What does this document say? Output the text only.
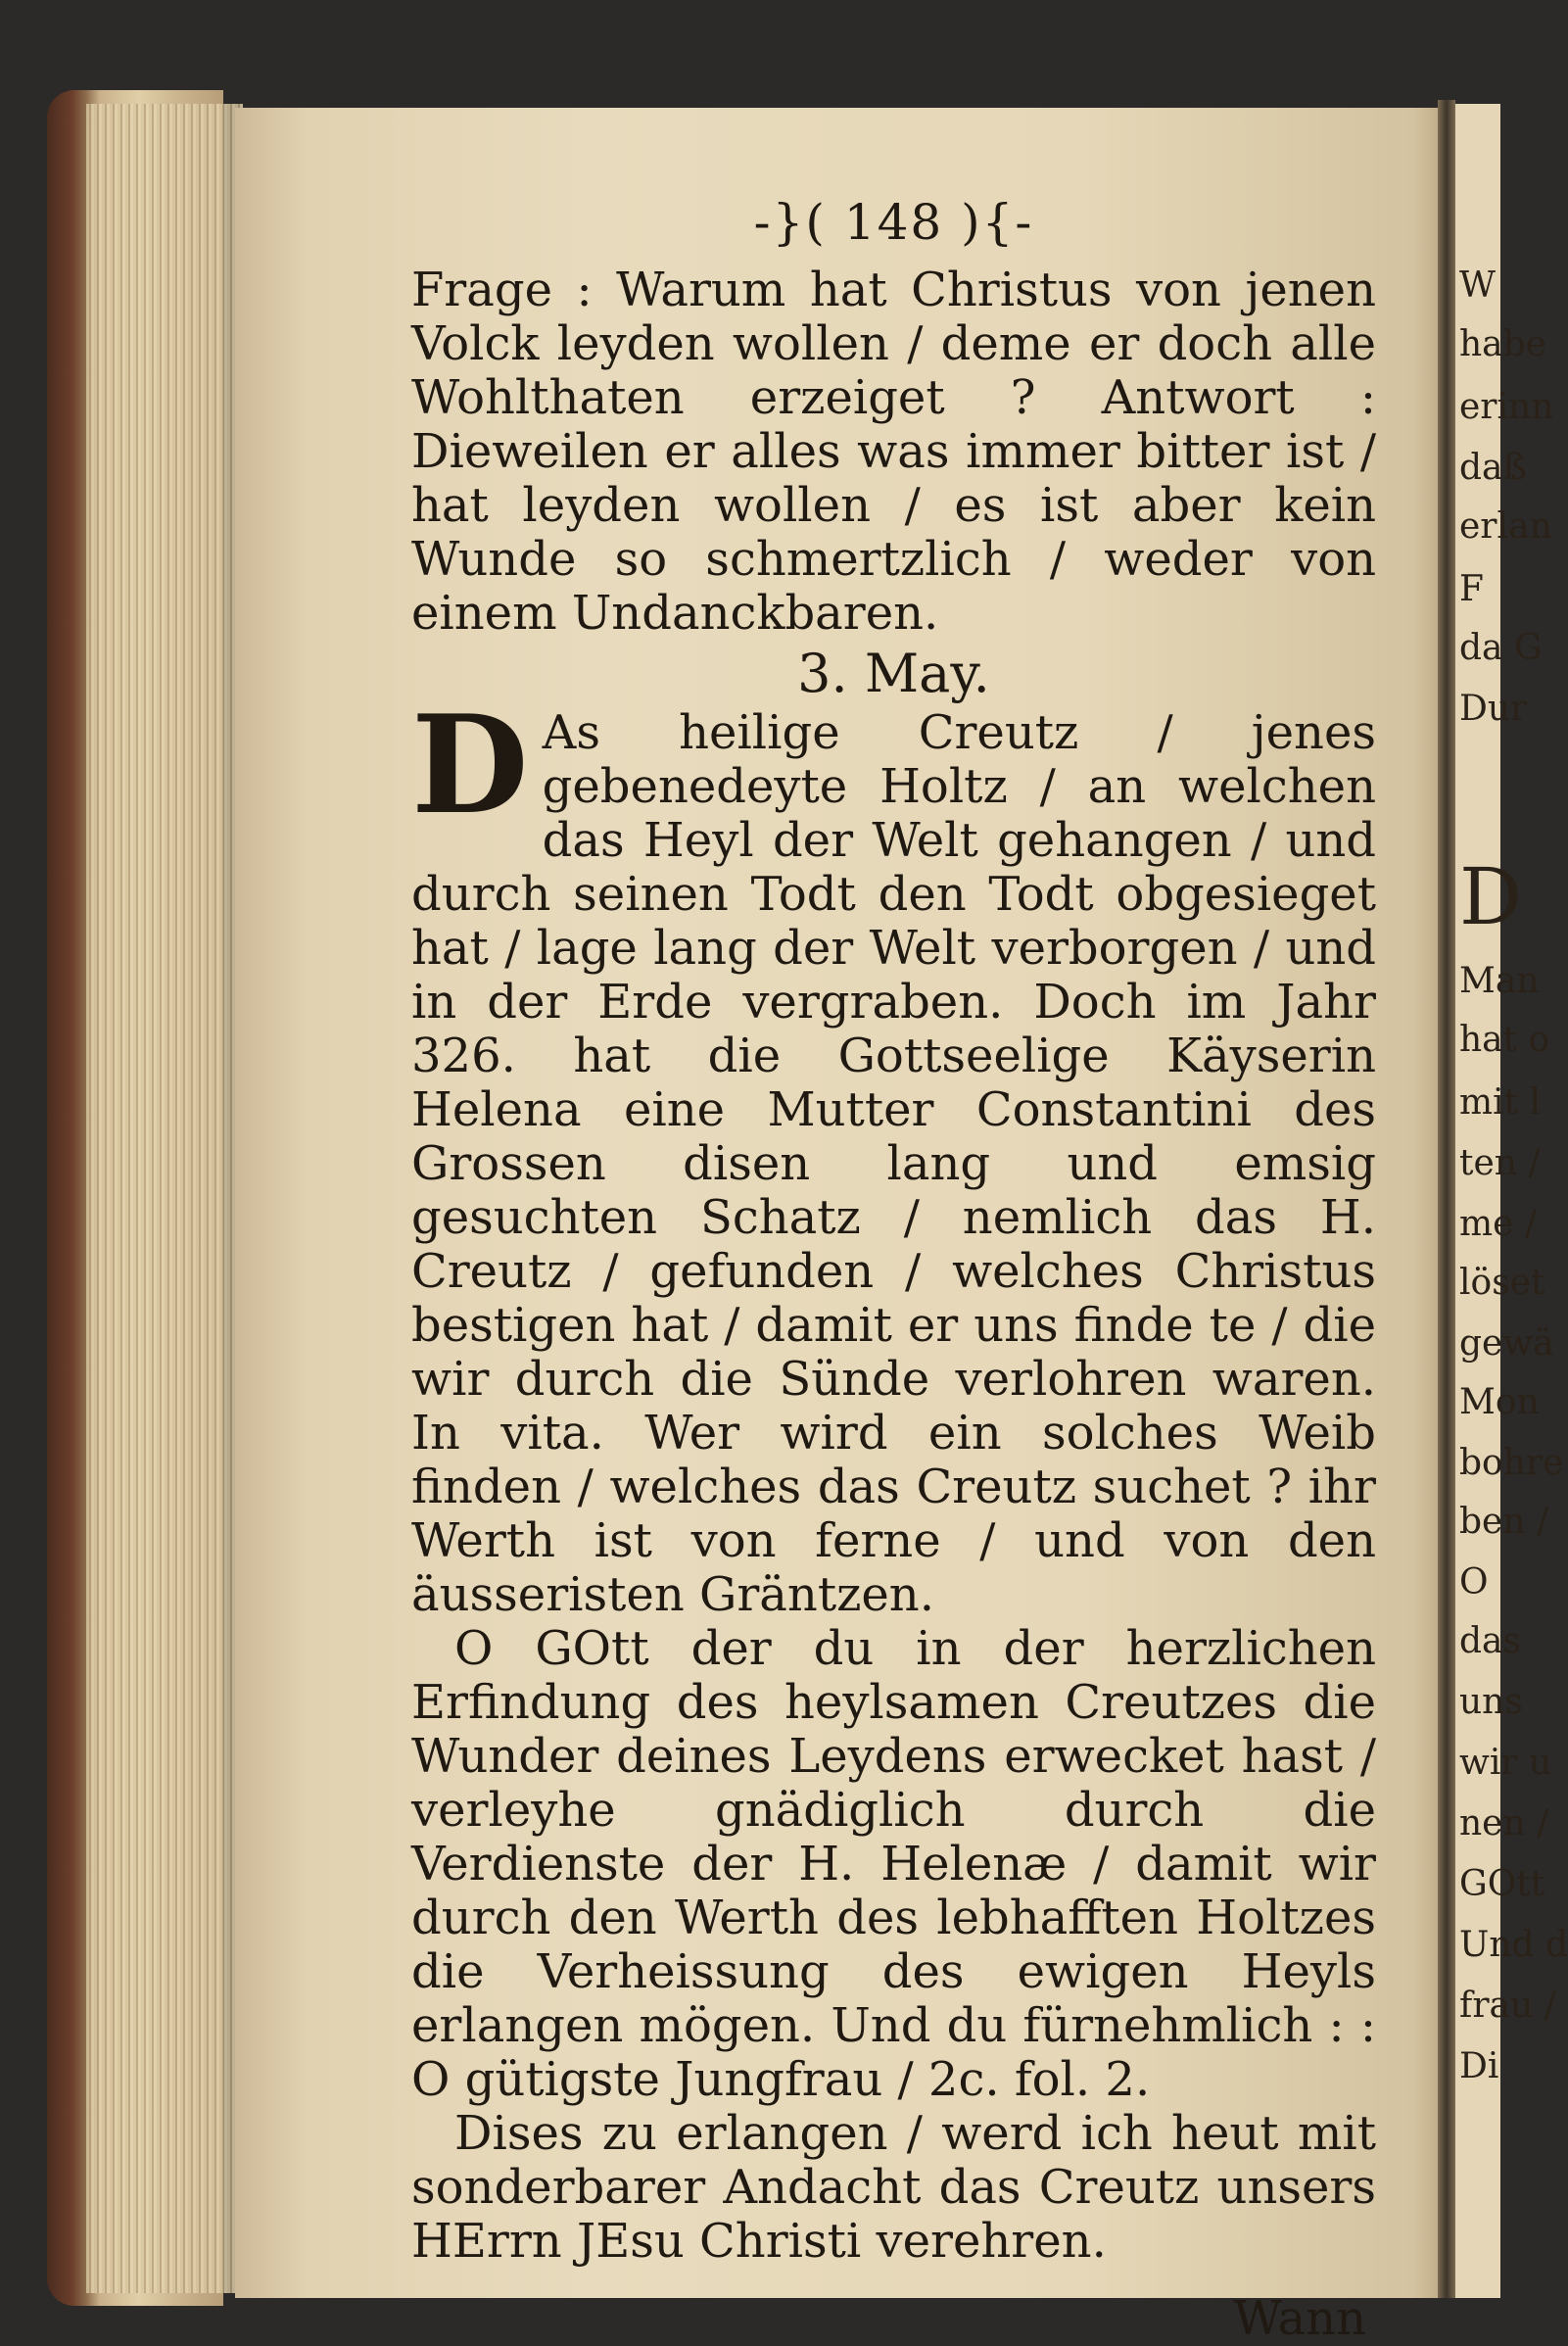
W
habe
erinn
daß
erlan
F
da G
Dur
D
Man
hat o
mit l
ten /
me /
löset
gewä
Mon
bohre
ben /
O
das
uns
wir u
nen /
GOtt
Und d
frau /
Di
-}( 148 ){-

Frage : Warum hat Christus von jenen Volck leyden wollen / deme er doch alle Wohlthaten erzeiget ? Antwort : Dieweilen er alles was immer bitter ist / hat leyden wollen / es ist aber kein Wunde so schmertzlich / weder von einem Undanckbaren.

3. May.

D As heilige Creutz / jenes gebenedeyte Holtz / an welchen das Heyl der Welt gehangen / und durch seinen Todt den Todt obgesieget hat / lage lang der Welt verborgen / und in der Erde vergraben. Doch im Jahr 326. hat die Gottseelige Käyserin Helena eine Mutter Constantini des Grossen disen lang und emsig gesuchten Schatz / nemlich das H. Creutz / gefunden / welches Christus bestigen hat / damit er uns finde te / die wir durch die Sünde verlohren waren. In vita. Wer wird ein solches Weib finden / welches das Creutz suchet ? ihr Werth ist von ferne / und von den äusseristen Gräntzen.

O GOtt der du in der herzlichen Erfindung des heylsamen Creutzes die Wunder deines Leydens erwecket hast / verleyhe gnädiglich durch die Verdienste der H. Helenæ / damit wir durch den Werth des lebhafften Holtzes die Verheissung des ewigen Heyls erlangen mögen. Und du fürnehmlich : : O gütigste Jungfrau / 2c. fol. 2.

Dises zu erlangen / werd ich heut mit sonderbarer Andacht das Creutz unsers HErrn JEsu Christi verehren.

Wann
